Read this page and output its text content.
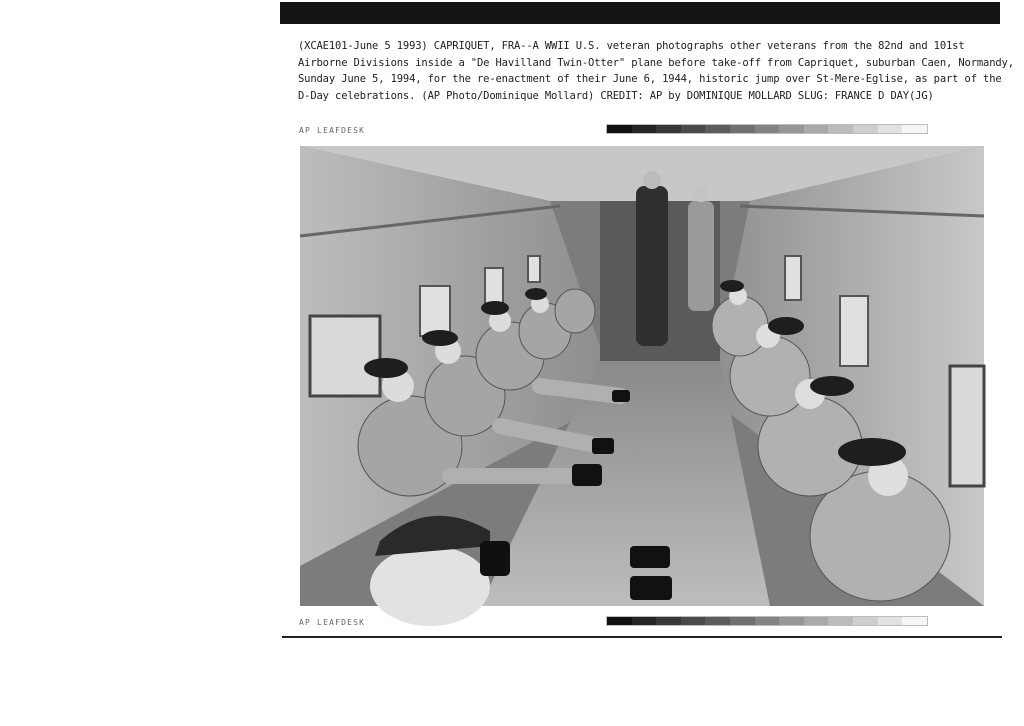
(XCAE101-June 5 1993) CAPRIQUET, FRA--A WWII U.S. veteran photographs other veterans from the 82nd and 101st
Airborne Divisions inside a "De Havilland Twin-Otter" plane before take-off from Capriquet, suburban Caen, Normandy,
Sunday June 5, 1994, for the re-enactment of their June 6, 1944, historic jump over St-Mere-Eglise, as part of the
D-Day celebrations. (AP Photo/Dominique Mollard) CREDIT: AP by DOMINIQUE MOLLARD SLUG: FRANCE D DAY(JG)
AP LEAFDESK
AP LEAFDESK
